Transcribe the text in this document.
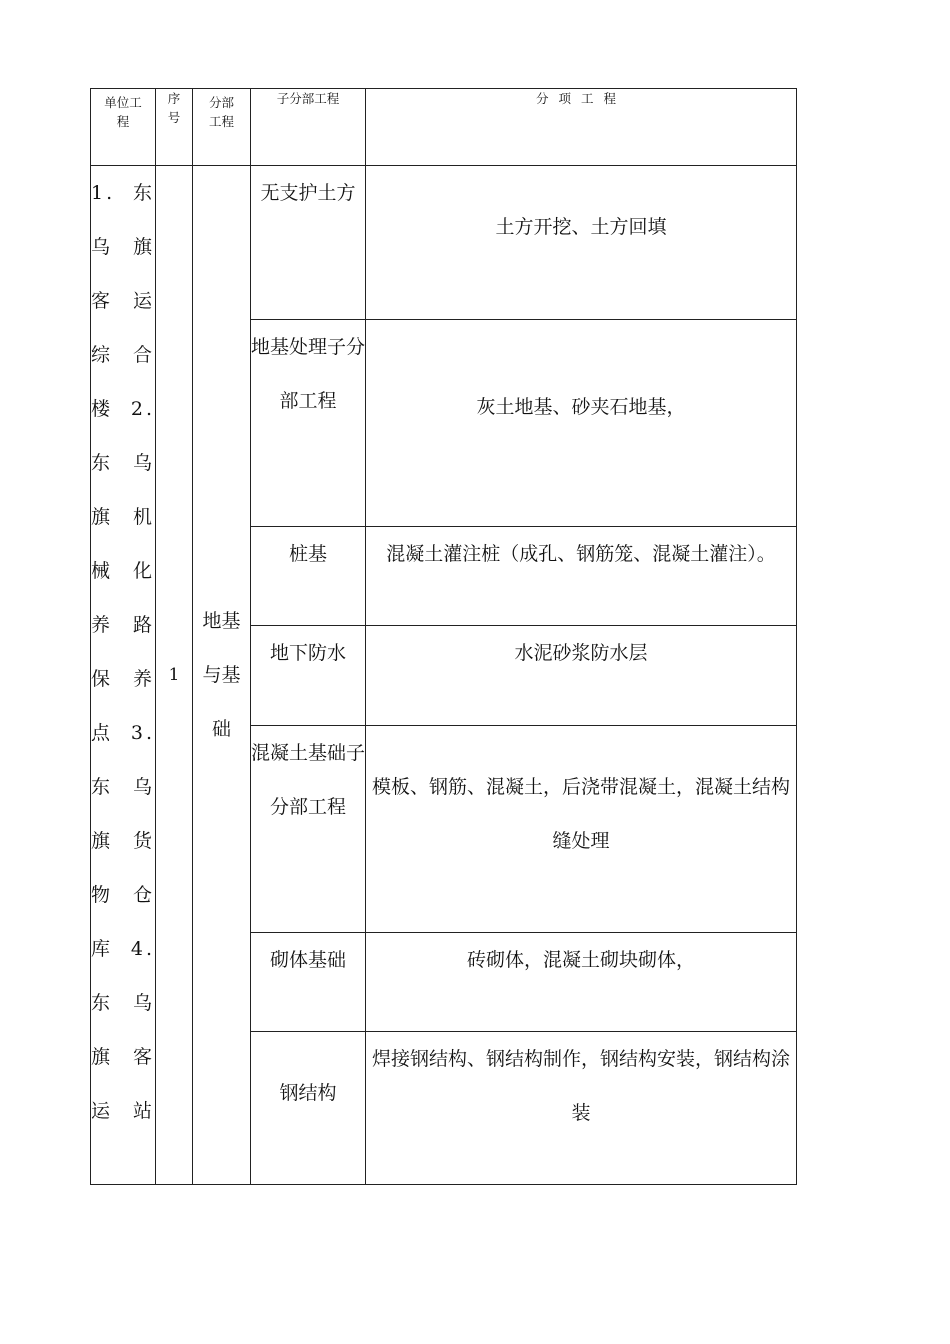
单位工程	序号	分部工程	子分部工程	分项工程
1.东乌旗客运综合楼2.东乌旗机械化养路保养点3.东乌旗货物仓库4.东乌旗客运站	1	地基与基础	无支护土方	土方开挖、土方回填
			地基处理子分部工程	灰土地基、砂夹石地基，
			桩基	混凝土灌注桩（成孔、钢筋笼、混凝土灌注）。
			地下防水	水泥砂浆防水层
			混凝土基础子分部工程	模板、钢筋、混凝土，后浇带混凝土，混凝土结构缝处理
			砌体基础	砖砌体，混凝土砌块砌体，
			钢结构	焊接钢结构、钢结构制作，钢结构安装，钢结构涂装
